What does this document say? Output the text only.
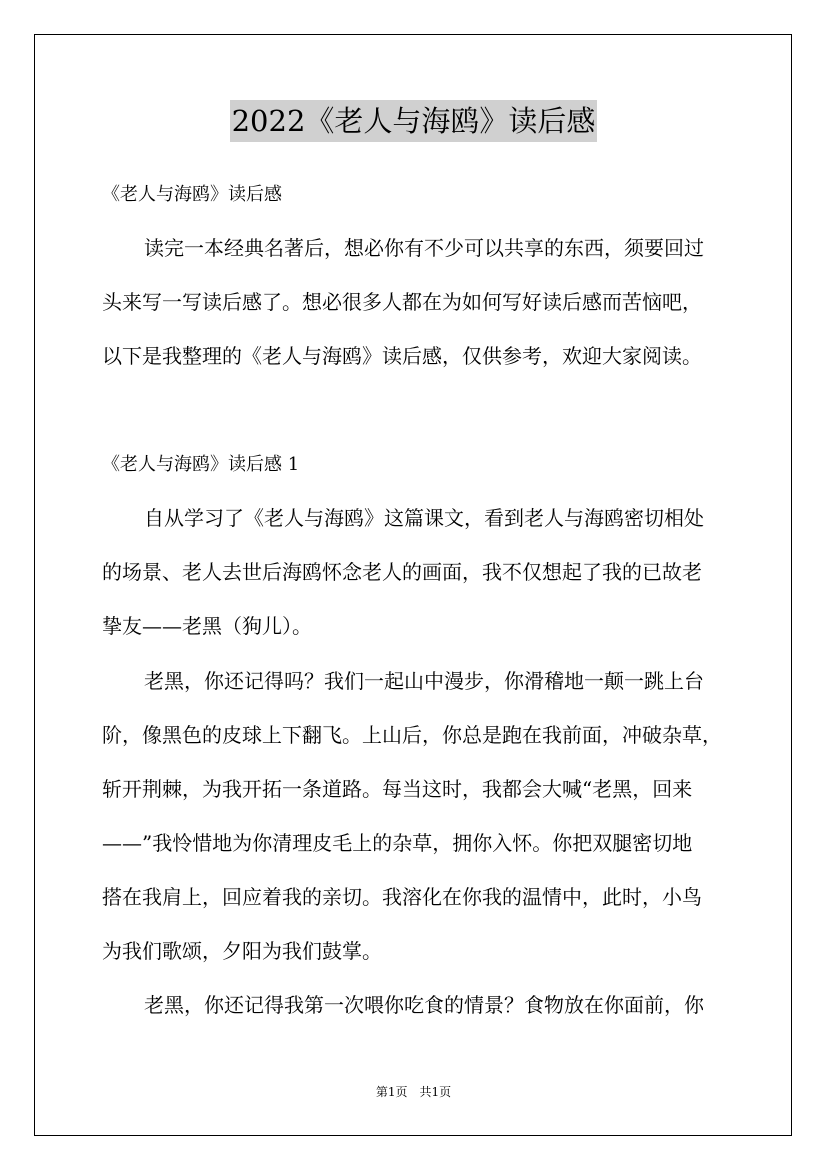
2022《老人与海鸥》读后感
《老人与海鸥》读后感
读完一本经典名著后，想必你有不少可以共享的东西，须要回过
头来写一写读后感了。想必很多人都在为如何写好读后感而苦恼吧，
以下是我整理的《老人与海鸥》读后感，仅供参考，欢迎大家阅读。
《老人与海鸥》读后感 1
自从学习了《老人与海鸥》这篇课文，看到老人与海鸥密切相处
的场景、老人去世后海鸥怀念老人的画面，我不仅想起了我的已故老
挚友——老黑（狗儿）。
老黑，你还记得吗？我们一起山中漫步，你滑稽地一颠一跳上台
阶，像黑色的皮球上下翻飞。上山后，你总是跑在我前面，冲破杂草，
斩开荆棘，为我开拓一条道路。每当这时，我都会大喊“老黑，回来
——”我怜惜地为你清理皮毛上的杂草，拥你入怀。你把双腿密切地
搭在我肩上，回应着我的亲切。我溶化在你我的温情中，此时，小鸟
为我们歌颂，夕阳为我们鼓掌。
老黑，你还记得我第一次喂你吃食的情景？食物放在你面前，你
第1页　共1页
